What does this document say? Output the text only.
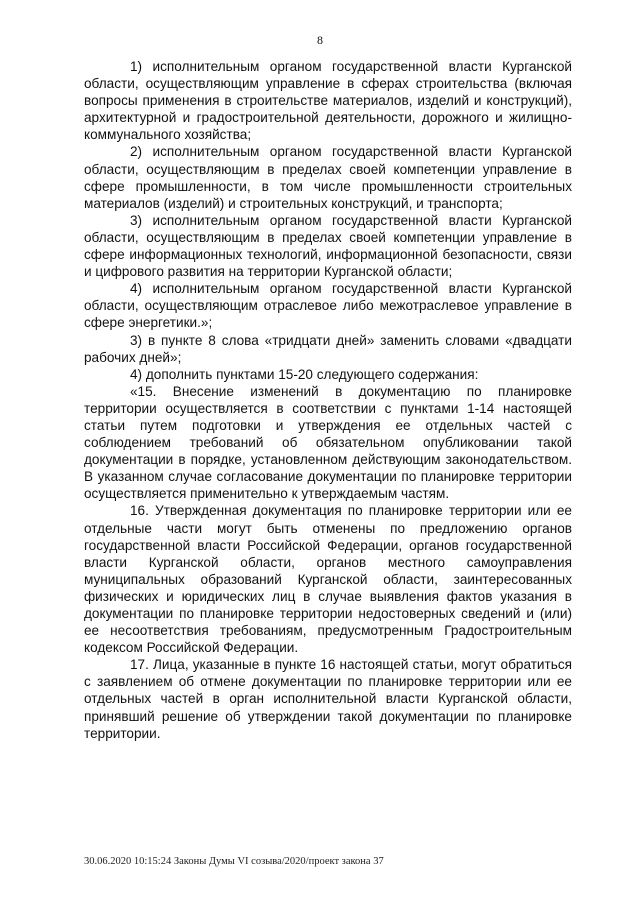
8

1) исполнительным органом государственной власти Курганской области, осуществляющим управление в сферах строительства (включая вопросы применения в строительстве материалов, изделий и конструкций), архитектурной и градостроительной деятельности, дорожного и жилищно-коммунального хозяйства;

2) исполнительным органом государственной власти Курганской области, осуществляющим в пределах своей компетенции управление в сфере промышленности, в том числе промышленности строительных материалов (изделий) и строительных конструкций, и транспорта;

3) исполнительным органом государственной власти Курганской области, осуществляющим в пределах своей компетенции управление в сфере информационных технологий, информационной безопасности, связи и цифрового развития на территории Курганской области;

4) исполнительным органом государственной власти Курганской области, осуществляющим отраслевое либо межотраслевое управление в сфере энергетики.»;

3) в пункте 8 слова «тридцати дней» заменить словами «двадцати рабочих дней»;

4) дополнить пунктами 15-20 следующего содержания:

«15. Внесение изменений в документацию по планировке территории осуществляется в соответствии с пунктами 1-14 настоящей статьи путем подготовки и утверждения ее отдельных частей с соблюдением требований об обязательном опубликовании такой документации в порядке, установленном действующим законодательством. В указанном случае согласование документации по планировке территории осуществляется применительно к утверждаемым частям.

16. Утвержденная документация по планировке территории или ее отдельные части могут быть отменены по предложению органов государственной власти Российской Федерации, органов государственной власти Курганской области, органов местного самоуправления муниципальных образований Курганской области, заинтересованных физических и юридических лиц в случае выявления фактов указания в документации по планировке территории недостоверных сведений и (или) ее несоответствия требованиям, предусмотренным Градостроительным кодексом Российской Федерации.

17. Лица, указанные в пункте 16 настоящей статьи, могут обратиться с заявлением об отмене документации по планировке территории или ее отдельных частей в орган исполнительной власти Курганской области, принявший решение об утверждении такой документации по планировке территории.

30.06.2020 10:15:24 Законы Думы VI созыва/2020/проект закона 37
